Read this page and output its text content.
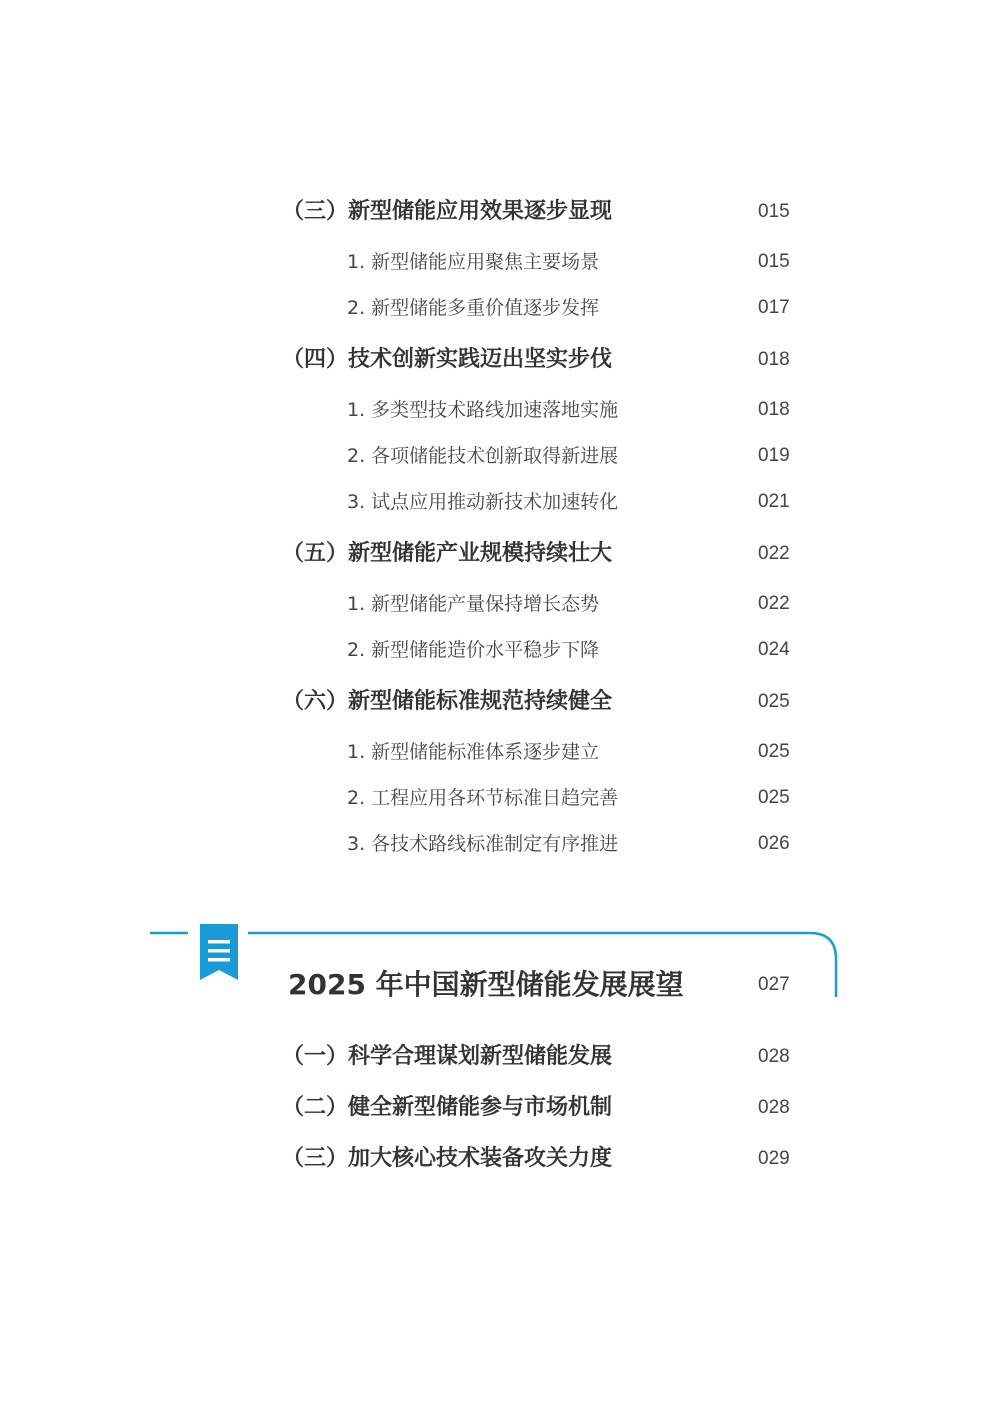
（三）新型储能应用效果逐步显现	015
1. 新型储能应用聚焦主要场景	015
2. 新型储能多重价值逐步发挥	017
（四）技术创新实践迈出坚实步伐	018
1. 多类型技术路线加速落地实施	018
2. 各项储能技术创新取得新进展	019
3. 试点应用推动新技术加速转化	021
（五）新型储能产业规模持续壮大	022
1. 新型储能产量保持增长态势	022
2. 新型储能造价水平稳步下降	024
（六）新型储能标准规范持续健全	025
1. 新型储能标准体系逐步建立	025
2. 工程应用各环节标准日趋完善	025
3. 各技术路线标准制定有序推进	026
2025 年中国新型储能发展展望	027
（一）科学合理谋划新型储能发展	028
（二）健全新型储能参与市场机制	028
（三）加大核心技术装备攻关力度	029
